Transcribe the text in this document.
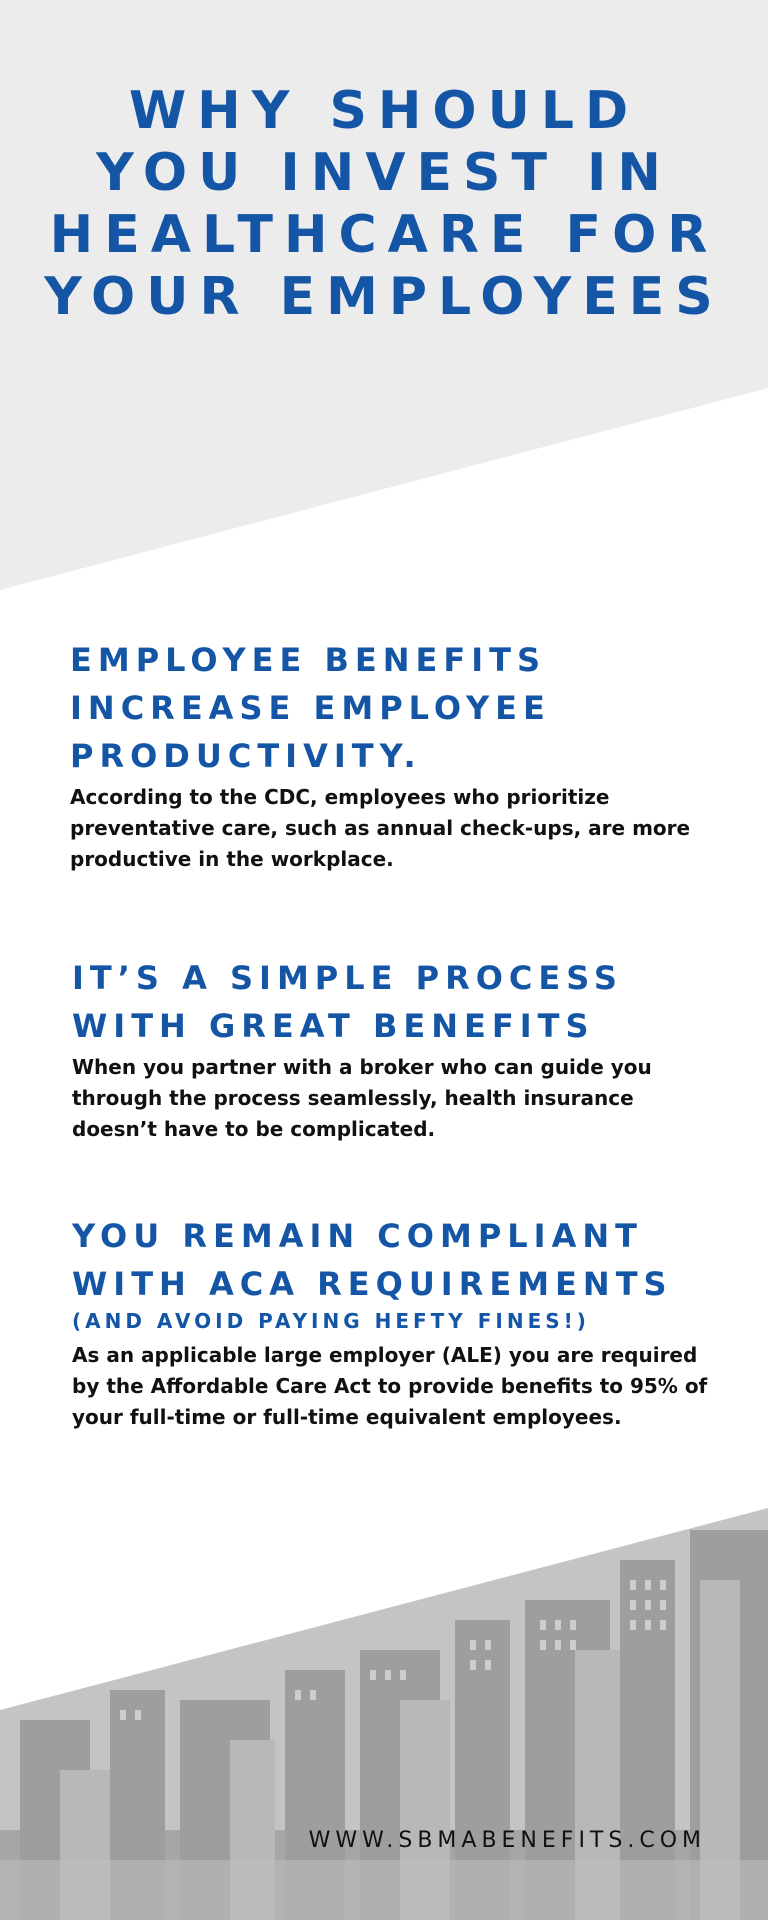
WHY SHOULD YOU INVEST IN HEALTHCARE FOR YOUR EMPLOYEES
EMPLOYEE BENEFITS INCREASE EMPLOYEE PRODUCTIVITY.

According to the CDC, employees who prioritize preventative care, such as annual check-ups, are more productive in the workplace.

IT’S A SIMPLE PROCESS WITH GREAT BENEFITS

When you partner with a broker who can guide you through the process seamlessly, health insurance doesn’t have to be complicated.

YOU REMAIN COMPLIANT WITH ACA REQUIREMENTS
(AND AVOID PAYING HEFTY FINES!)

As an applicable large employer (ALE) you are required by the Affordable Care Act to provide benefits to 95% of your full-time or full-time equivalent employees.

WWW.SBMABENEFITS.COM
